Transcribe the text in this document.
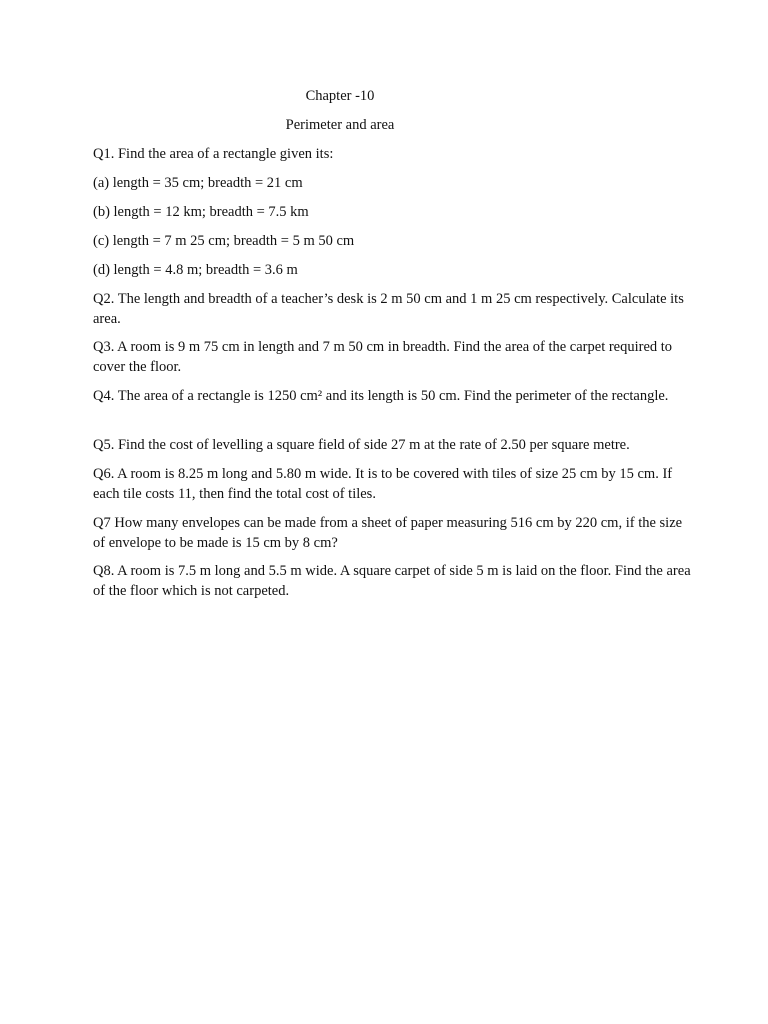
Chapter -10
Perimeter and area

Q1. Find the area of a rectangle given its:

(a) length = 35 cm; breadth = 21 cm

(b) length = 12 km; breadth = 7.5 km

(c) length = 7 m 25 cm; breadth = 5 m 50 cm

(d) length = 4.8 m; breadth = 3.6 m

Q2. The length and breadth of a teacher’s desk is 2 m 50 cm and 1 m 25 cm respectively. Calculate its area.

Q3. A room is 9 m 75 cm in length and 7 m 50 cm in breadth. Find the area of the carpet required to cover the floor.

Q4. The area of a rectangle is 1250 cm² and its length is 50 cm. Find the perimeter of the rectangle.

Q5. Find the cost of levelling a square field of side 27 m at the rate of 2.50 per square metre.

Q6. A room is 8.25 m long and 5.80 m wide. It is to be covered with tiles of size 25 cm by 15 cm. If each tile costs 11, then find the total cost of tiles.

Q7 How many envelopes can be made from a sheet of paper measuring 516 cm by 220 cm, if the size of envelope to be made is 15 cm by 8 cm?

Q8. A room is 7.5 m long and 5.5 m wide. A square carpet of side 5 m is laid on the floor. Find the area of the floor which is not carpeted.
